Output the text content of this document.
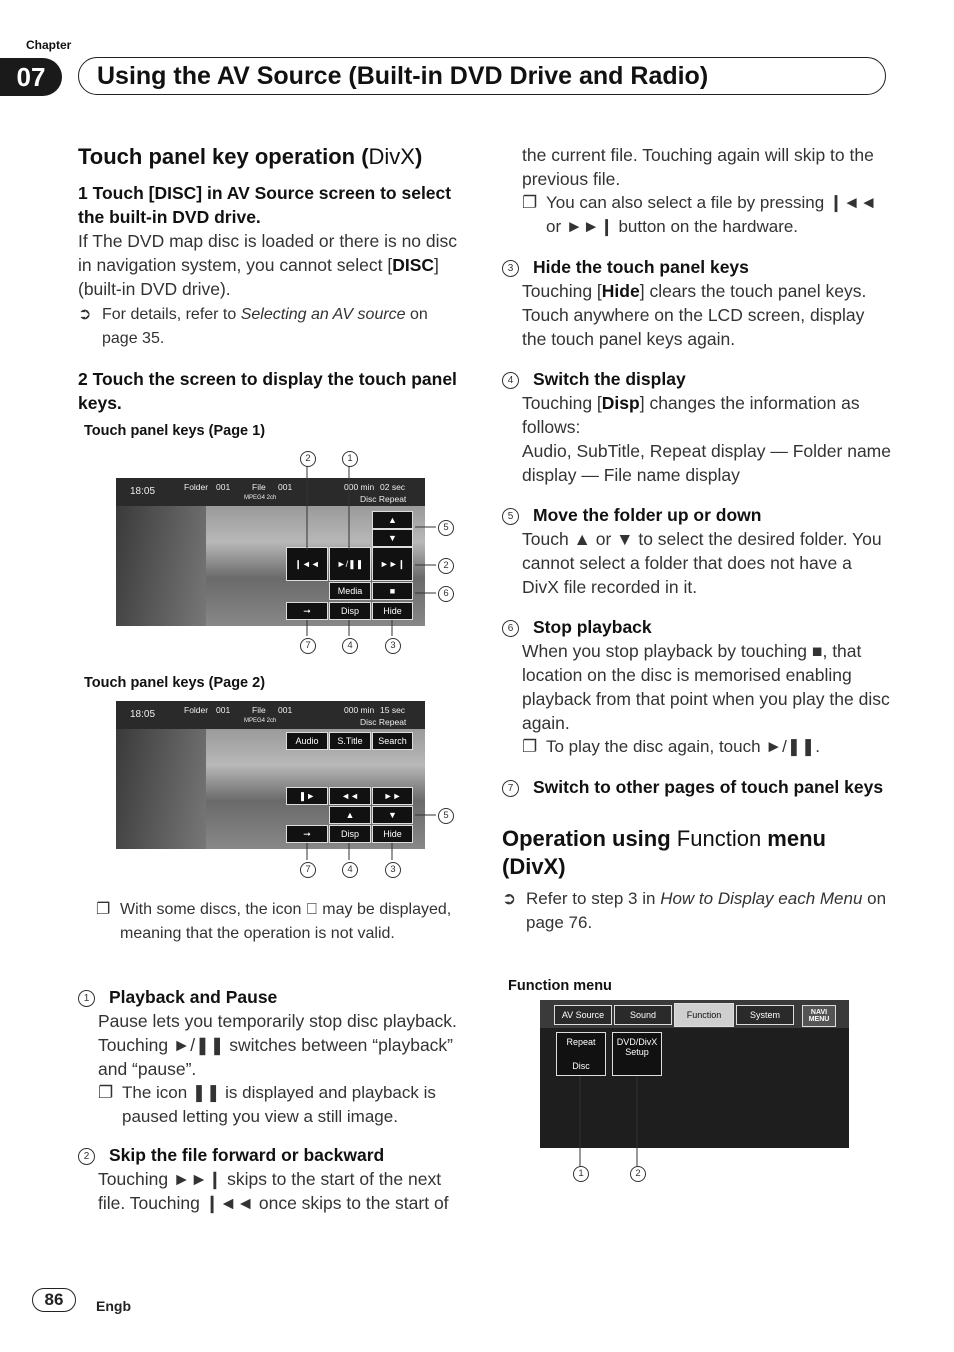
Chapter
07	Using the AV Source (Built-in DVD Drive and Radio)
Touch panel key operation (DivX)

1 Touch [DISC] in AV Source screen to select the built-in DVD drive.

If The DVD map disc is loaded or there is no disc in navigation system, you cannot select [DISC] (built-in DVD drive).

➲ For details, refer to Selecting an AV source on page 35.

2 Touch the screen to display the touch panel keys.

Touch panel keys (Page 1)
18:05	Folder 001	File 001
MPEG4 2ch
000 min 02 sec
Disc Repeat
▲
▼
❙◄◄	►/❚❚	►►❙
Media	■
➞	Disp	Hide
2	1
5
2
6
7	4	3
Touch panel keys (Page 2)
18:05	Folder 001	File 001
MPEG4 2ch
000 min 15 sec
Disc Repeat
Audio	S.Title	Search
❚►	◄◄	►►
▲	▼
➞	Disp	Hide
5
7	4	3

❐ With some discs, the icon ⃠ may be displayed, meaning that the operation is not valid.

1 Playback and Pause

Pause lets you temporarily stop disc playback. Touching ►/❚❚ switches between “playback” and “pause”.

❐ The icon ❚❚ is displayed and playback is paused letting you view a still image.

2 Skip the file forward or backward

Touching ►►❙ skips to the start of the next file. Touching ❙◄◄ once skips to the start of

the current file. Touching again will skip to the previous file.

❐ You can also select a file by pressing ❙◄◄ or ►►❙ button on the hardware.

3 Hide the touch panel keys

Touching [Hide] clears the touch panel keys. Touch anywhere on the LCD screen, display the touch panel keys again.

4 Switch the display

Touching [Disp] changes the information as follows:

Audio, SubTitle, Repeat display — Folder name display — File name display

5 Move the folder up or down

Touch ▲ or ▼ to select the desired folder. You cannot select a folder that does not have a DivX file recorded in it.

6 Stop playback

When you stop playback by touching ■, that location on the disc is memorised enabling playback from that point when you play the disc again.

❐ To play the disc again, touch ►/❚❚.

7 Switch to other pages of touch panel keys

Operation using Function menu (DivX)

➲ Refer to step 3 in How to Display each Menu on page 76.

Function menu
AV Source	Sound	Function	System	NAVI MENU
Repeat
Disc
DVD/DivX
Setup
1	2
86	Engb
